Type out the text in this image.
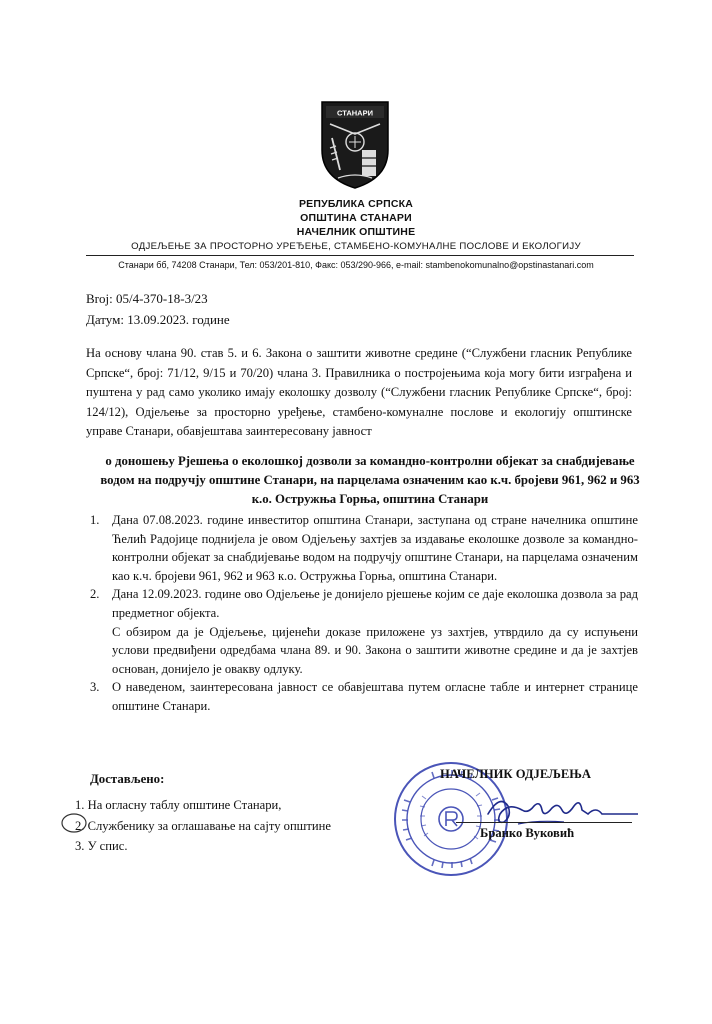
СТАНАРИ
РЕПУБЛИКА СРПСКА
ОПШТИНА СТАНАРИ
НАЧЕЛНИК ОПШТИНЕ
ОДЈЕЉЕЊЕ ЗА ПРОСТОРНО УРЕЂЕЊЕ, СТАМБЕНО-КОМУНАЛНЕ ПОСЛОВЕ И ЕКОЛОГИЈУ
Станари бб, 74208 Станари, Тел: 053/201-810, Факс: 053/290-966, e-mail: stambenokomunalno@opstinastanari.com
Broj: 05/4-370-18-3/23
Датум: 13.09.2023. године

На основу члана 90. став 5. и 6. Закона о заштити животне средине (“Службени гласник Републике Српске“, број: 71/12, 9/15 и 70/20) члана 3. Правилника о постројењима која могу бити изграђена и пуштена у рад само уколико имају еколошку дозволу (“Службени гласник Републике Српске“, број: 124/12), Одјељење за просторно уређење, стамбено-комуналне послове и екологију општинске управе Станари, обавјештава заинтересовану јавност

о доношењу Рјешења о еколошкој дозволи за командно-контролни објекат за снабдијевање водом на подручју општине Станари, на парцелама означеним као к.ч. бројеви 961, 962 и 963 к.о. Остружња Горња, општина Станари

1. Дана 07.08.2023. године инвеститор општина Станари, заступана од стране начелника општине Ћелић Радојице поднијела је овом Одјељењу захтјев за издавање еколошке дозволе за командно-контролни објекат за снабдијевање водом на подручју општине Станари, на парцелама означеним као к.ч. бројеви 961, 962 и 963 к.о. Остружња Горња, општина Станари.
2. Дана 12.09.2023. године ово Одјељење је донијело рјешење којим се даје еколошка дозвола за рад предметног објекта.
С обзиром да је Одјељење, цијенећи доказе приложене уз захтјев, утврдило да су испуњени услови предвиђени одредбама члана 89. и 90. Закона о заштити животне средине и да је захтјев основан, донијело је овакву одлуку.
3. О наведеном, заинтересована јавност се обавјештава путем огласне табле и интернет странице општине Станари.
Достављено:
1. На огласну таблу општине Станари,
2. Службенику за оглашавање на сајту општине
3. У спис.
НАЧЕЛНИК ОДЈЕЉЕЊА
Бранко Вуковић
